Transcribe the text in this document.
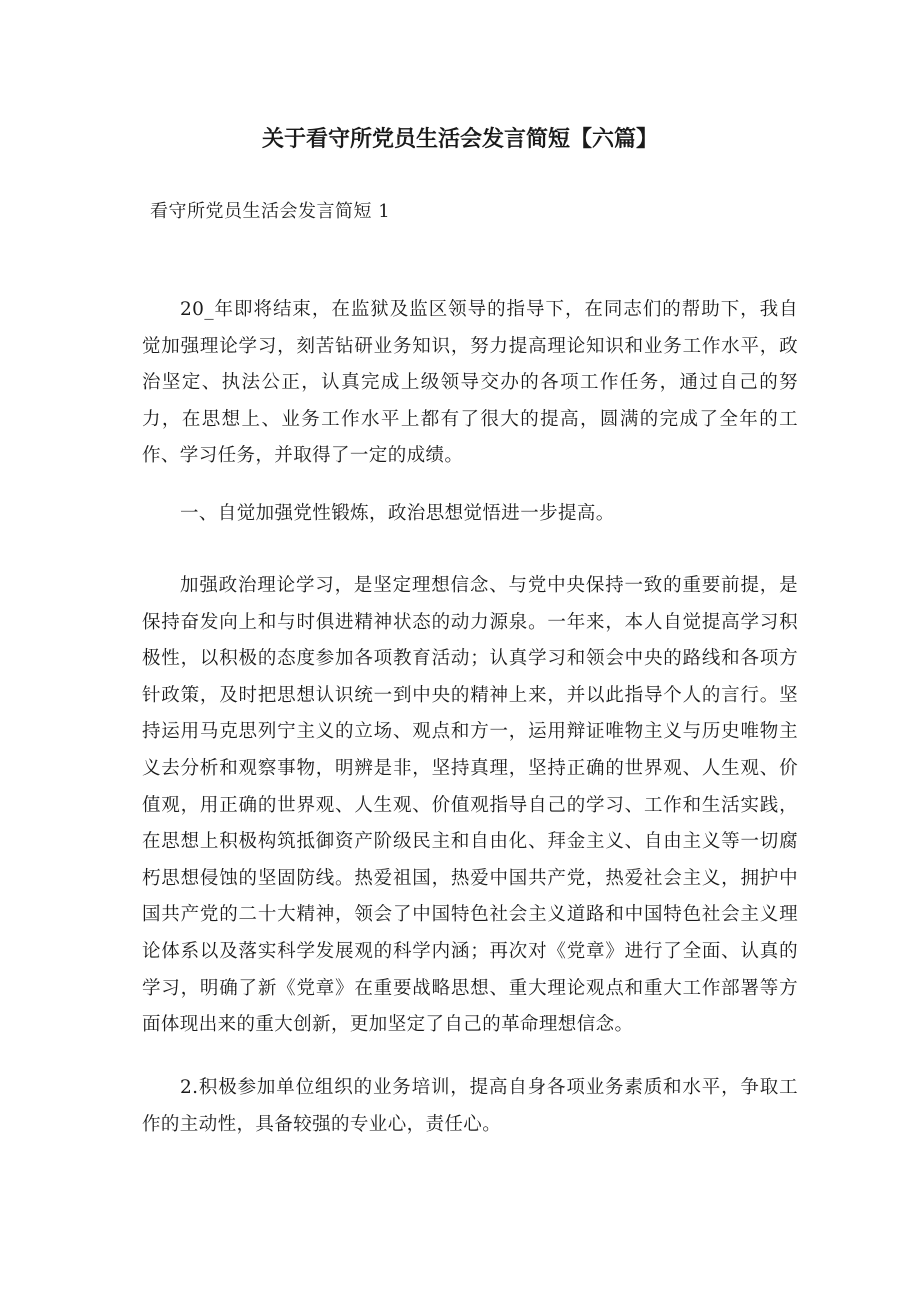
关于看守所党员生活会发言简短【六篇】

看守所党员生活会发言简短 1

20_年即将结束，在监狱及监区领导的指导下，在同志们的帮助下，我自觉加强理论学习，刻苦钻研业务知识，努力提高理论知识和业务工作水平，政治坚定、执法公正，认真完成上级领导交办的各项工作任务，通过自己的努力，在思想上、业务工作水平上都有了很大的提高，圆满的完成了全年的工作、学习任务，并取得了一定的成绩。

一、自觉加强党性锻炼，政治思想觉悟进一步提高。

加强政治理论学习，是坚定理想信念、与党中央保持一致的重要前提，是保持奋发向上和与时俱进精神状态的动力源泉。一年来，本人自觉提高学习积极性，以积极的态度参加各项教育活动；认真学习和领会中央的路线和各项方针政策，及时把思想认识统一到中央的精神上来，并以此指导个人的言行。坚持运用马克思列宁主义的立场、观点和方一，运用辩证唯物主义与历史唯物主义去分析和观察事物，明辨是非，坚持真理，坚持正确的世界观、人生观、价值观，用正确的世界观、人生观、价值观指导自己的学习、工作和生活实践，在思想上积极构筑抵御资产阶级民主和自由化、拜金主义、自由主义等一切腐朽思想侵蚀的坚固防线。热爱祖国，热爱中国共产党，热爱社会主义，拥护中国共产党的二十大精神，领会了中国特色社会主义道路和中国特色社会主义理论体系以及落实科学发展观的科学内涵；再次对《党章》进行了全面、认真的学习，明确了新《党章》在重要战略思想、重大理论观点和重大工作部署等方面体现出来的重大创新，更加坚定了自己的革命理想信念。

2.积极参加单位组织的业务培训，提高自身各项业务素质和水平，争取工作的主动性，具备较强的专业心，责任心。
